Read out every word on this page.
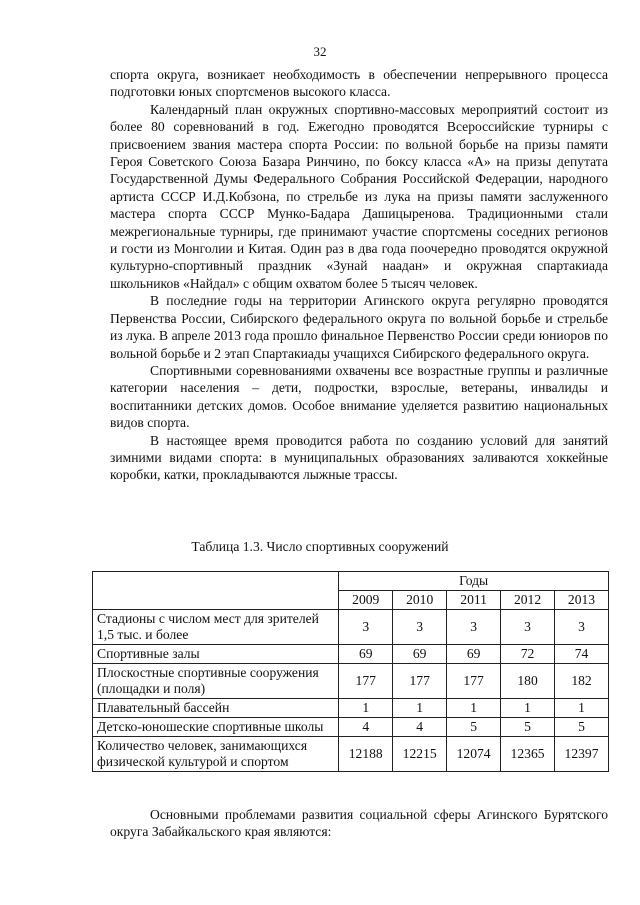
32

спорта округа, возникает необходимость в обеспечении непрерывного процесса подготовки юных спортсменов высокого класса.

Календарный план окружных спортивно-массовых мероприятий состоит из более 80 соревнований в год. Ежегодно проводятся Всероссийские турниры с присвоением звания мастера спорта России: по вольной борьбе на призы памяти Героя Советского Союза Базара Ринчино, по боксу класса «А» на призы депутата Государственной Думы Федерального Собрания Российской Федерации, народного артиста СССР И.Д.Кобзона, по стрельбе из лука на призы памяти заслуженного мастера спорта СССР Мунко-Бадара Дашицыренова. Традиционными стали межрегиональные турниры, где принимают участие спортсмены соседних регионов и гости из Монголии и Китая. Один раз в два года поочередно проводятся окружной культурно-спортивный праздник «Зунай наадан» и окружная спартакиада школьников «Найдал» с общим охватом более 5 тысяч человек.

В последние годы на территории Агинского округа регулярно проводятся Первенства России, Сибирского федерального округа по вольной борьбе и стрельбе из лука. В апреле 2013 года прошло финальное Первенство России среди юниоров по вольной борьбе и 2 этап Спартакиады учащихся Сибирского федерального округа.

Спортивными соревнованиями охвачены все возрастные группы и различные категории населения – дети, подростки, взрослые, ветераны, инвалиды и воспитанники детских домов. Особое внимание уделяется развитию национальных видов спорта.

В настоящее время проводится работа по созданию условий для занятий зимними видами спорта: в муниципальных образованиях заливаются хоккейные коробки, катки, прокладываются лыжные трассы.

Таблица 1.3. Число спортивных сооружений
	Годы				
	2009	2010	2011	2012	2013
Стадионы с числом мест для зрителей 1,5 тыс. и более	3	3	3	3	3
Спортивные залы	69	69	69	72	74
Плоскостные спортивные сооружения (площадки и поля)	177	177	177	180	182
Плавательный бассейн	1	1	1	1	1
Детско-юношеские спортивные школы	4	4	5	5	5
Количество человек, занимающихся физической культурой и спортом	12188	12215	12074	12365	12397

Основными проблемами развития социальной сферы Агинского Бурятского округа Забайкальского края являются:
